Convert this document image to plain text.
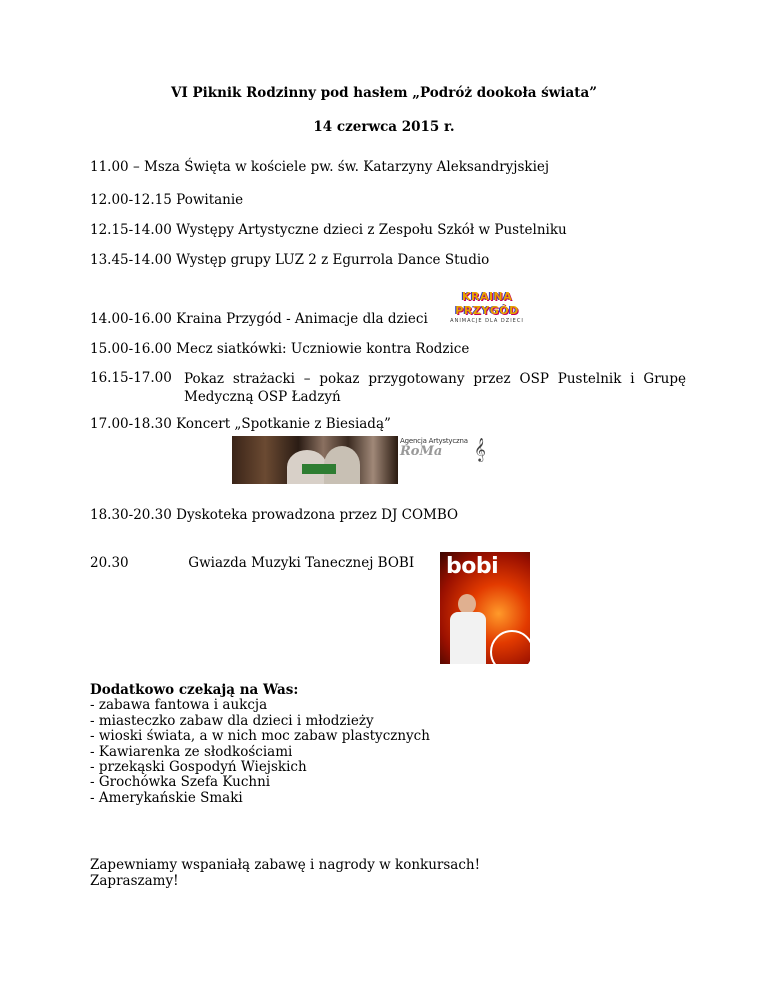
VI Piknik Rodzinny pod hasłem „Podróż dookoła świata”
14 czerwca 2015 r.
11.00 – Msza Święta w kościele pw. św. Katarzyny Aleksandryjskiej
12.00-12.15 Powitanie
12.15-14.00 Występy Artystyczne dzieci z Zespołu Szkół w Pustelniku
13.45-14.00 Występ grupy LUZ 2 z Egurrola Dance Studio
KRAINA PRZYGÓD
ANIMACJE DLA DZIECI
14.00-16.00 Kraina Przygód - Animacje dla dzieci
15.00-16.00 Mecz siatkówki: Uczniowie kontra Rodzice
16.15-17.00 Pokaz strażacki – pokaz przygotowany przez OSP Pustelnik i Grupę Medyczną OSP Ładzyń
17.00-18.30 Koncert „Spotkanie z Biesiadą”
Agencja Artystyczna
RoMa	𝄞
18.30-20.30 Dyskoteka prowadzona przez DJ COMBO
20.30	Gwiazda Muzyki Tanecznej BOBI bobi
Dodatkowo czekają na Was:
- zabawa fantowa i aukcja
- miasteczko zabaw dla dzieci i młodzieży
- wioski świata, a w nich moc zabaw plastycznych
- Kawiarenka ze słodkościami
- przekąski Gospodyń Wiejskich
- Grochówka Szefa Kuchni
- Amerykańskie Smaki
Zapewniamy wspaniałą zabawę i nagrody w konkursach!
Zapraszamy!
